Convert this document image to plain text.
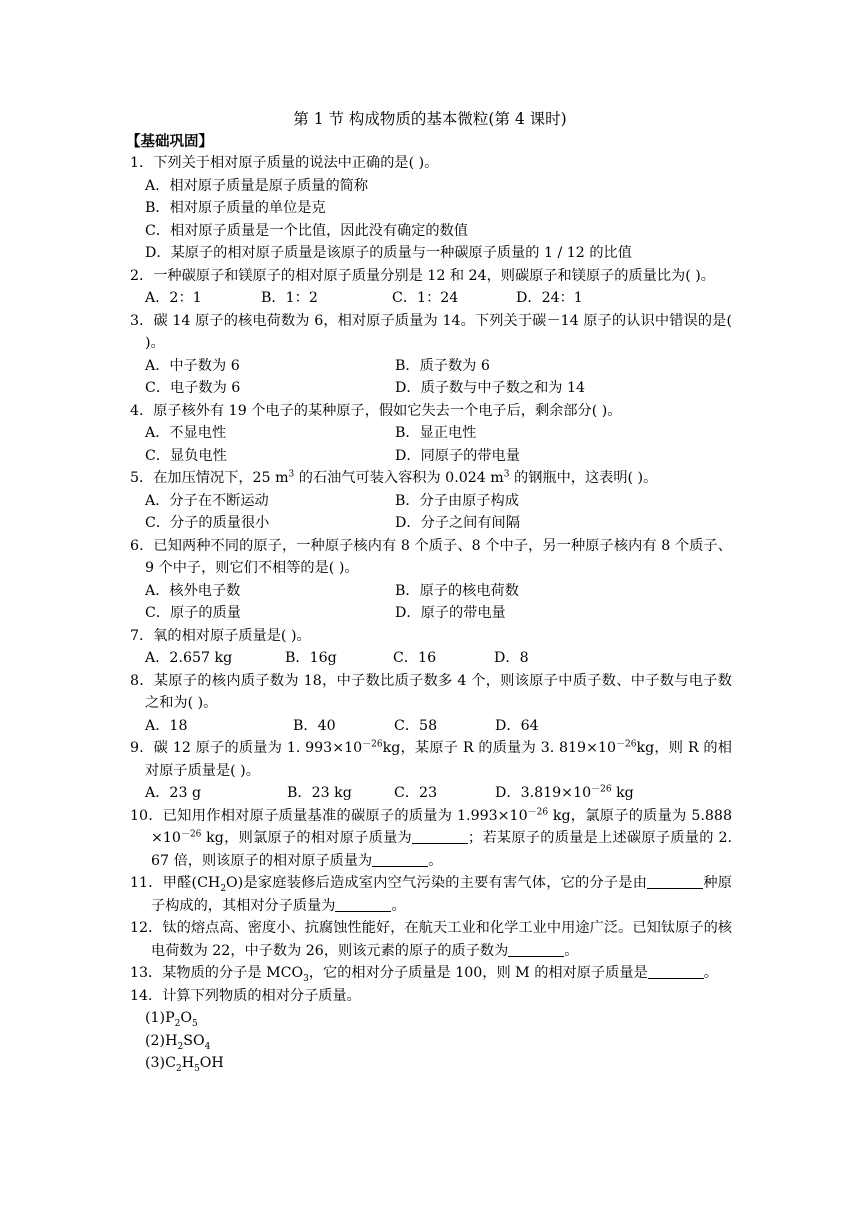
第 1 节 构成物质的基本微粒(第 4 课时)
【基础巩固】
1．下列关于相对原子质量的说法中正确的是( )。
A．相对原子质量是原子质量的简称
B．相对原子质量的单位是克
C．相对原子质量是一个比值，因此没有确定的数值
D．某原子的相对原子质量是该原子的质量与一种碳原子质量的 1 / 12 的比值
2．一种碳原子和镁原子的相对原子质量分别是 12 和 24，则碳原子和镁原子的质量比为( )。
A．2：1	B．1：2	C．1：24	D．24：1
3．碳 14 原子的核电荷数为 6，相对原子质量为 14。下列关于碳－14 原子的认识中错误的是( )。
A．中子数为 6	B．质子数为 6
C．电子数为 6	D．质子数与中子数之和为 14
4．原子核外有 19 个电子的某种原子，假如它失去一个电子后，剩余部分( )。
A．不显电性	B．显正电性
C．显负电性	D．同原子的带电量
5．在加压情况下，25 $m^3$ 的石油气可装入容积为 0.024 $m^3$ 的钢瓶中，这表明( )。
A．分子在不断运动	B．分子由原子构成
C．分子的质量很小	D．分子之间有间隔
6．已知两种不同的原子，一种原子核内有 8 个质子、8 个中子，另一种原子核内有 8 个质子、9 个中子，则它们不相等的是( )。
A．核外电子数	B．原子的核电荷数
C．原子的质量	D．原子的带电量
7．氧的相对原子质量是( )。
A．2.657 kg	B．16g	C．16	D．8
8．某原子的核内质子数为 18，中子数比质子数多 4 个，则该原子中质子数、中子数与电子数之和为( )。
A．18	B．40	C．58	D．64
9．碳 12 原子的质量为 1. $993\times 10^{-26}kg$，某原子 R 的质量为 3. $819\times 10^{-26}kg$，则 R 的相对原子质量是( )。
A．23 g	B．23 kg	C．23	D．$3.819\times 10^{-26}$ kg
10．已知用作相对原子质量基准的碳原子的质量为 $1.993\times 10^{-26}$ kg，氯原子的质量为 $5.888 \times 10^{-26}$ kg，则氯原子的相对原子质量为	；若某原子的质量是上述碳原子质量的 2. 67 倍，则该原子的相对原子质量为	。
11．甲醛$(CH_2O)$是家庭装修后造成室内空气污染的主要有害气体，它的分子是由	种原子构成的，其相对分子质量为	。
12．钛的熔点高、密度小、抗腐蚀性能好，在航天工业和化学工业中用途广泛。已知钛原子的核电荷数为 22，中子数为 26，则该元素的原子的质子数为	。
13．某物质的分子是 $MCO_3$，它的相对分子质量是 100，则 M 的相对原子质量是	。
14．计算下列物质的相对分子质量。
$(1)P_2O_5$
$(2)H_2SO_4$
$(3)C_2H_5OH$
